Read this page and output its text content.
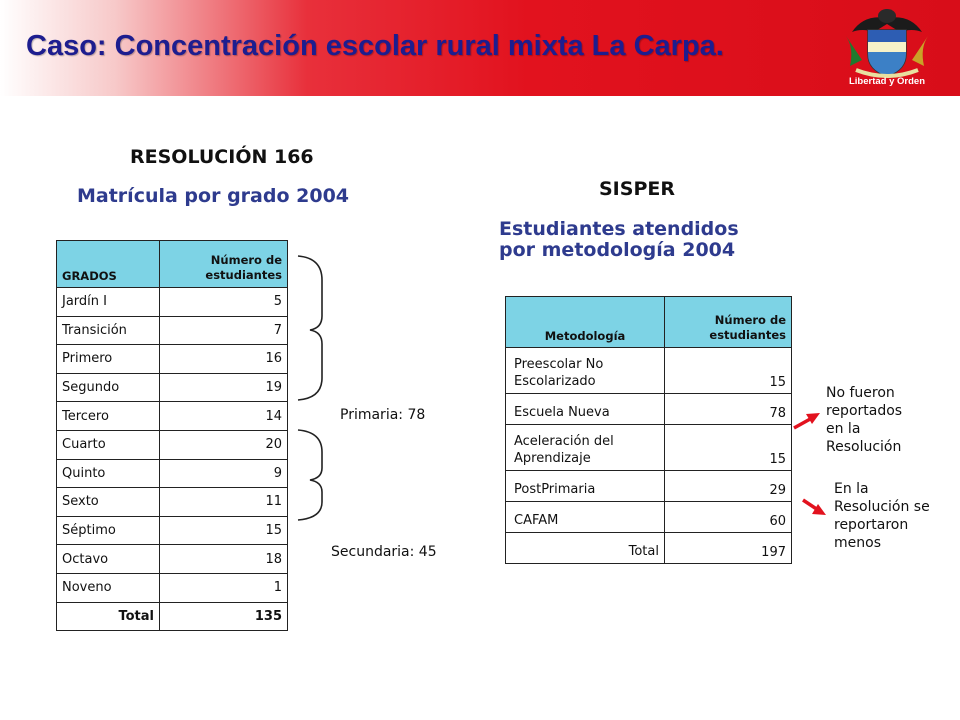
Caso: Concentración escolar rural mixta La Carpa.
Libertad y Orden
RESOLUCIÓN 166
Matrícula por grado 2004
GRADOS	Número de
estudiantes
Jardín I	5
Transición	7
Primero	16
Segundo	19
Tercero	14
Cuarto	20
Quinto	9
Sexto	11
Séptimo	15
Octavo	18
Noveno	1
Total	135
Primaria: 78
Secundaria: 45
SISPER
Estudiantes atendidos
por metodología 2004
Metodología	Número de
estudiantes
Preescolar No
Escolarizado	15
Escuela Nueva	78
Aceleración del
Aprendizaje	15
PostPrimaria	29
CAFAM	60
Total	197
No fueron
reportados
en la
Resolución
En la
Resolución se
reportaron
menos
